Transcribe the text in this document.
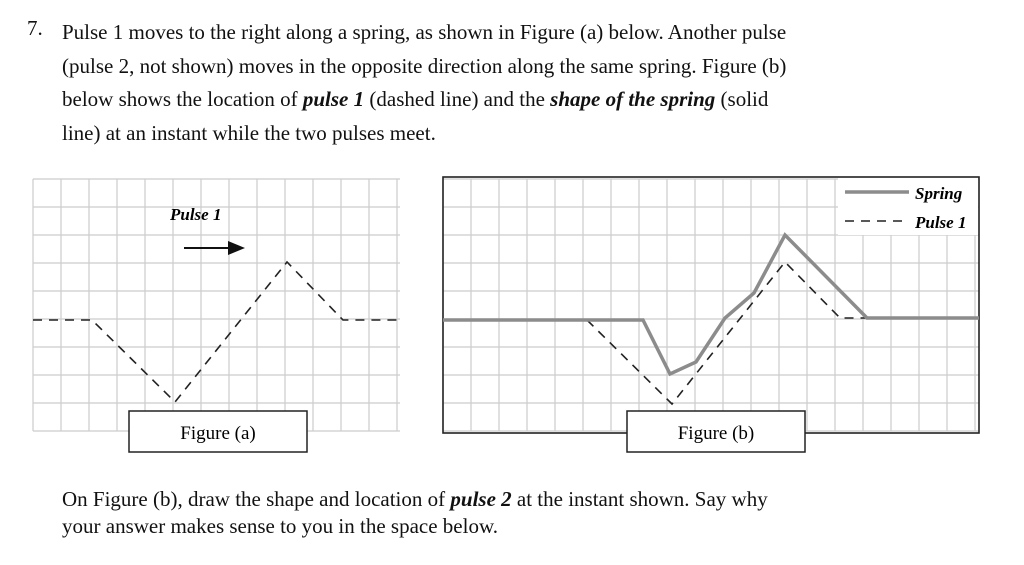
7. Pulse 1 moves to the right along a spring, as shown in Figure (a) below. Another pulse

(pulse 2, not shown) moves in the opposite direction along the same spring. Figure (b)

below shows the location of pulse 1 (dashed line) and the shape of the spring (solid

line) at an instant while the two pulses meet.

Pulse 1
Figure (a)
Spring
Pulse 1
Figure (b)

On Figure (b), draw the shape and location of pulse 2 at the instant shown. Say why

your answer makes sense to you in the space below.
